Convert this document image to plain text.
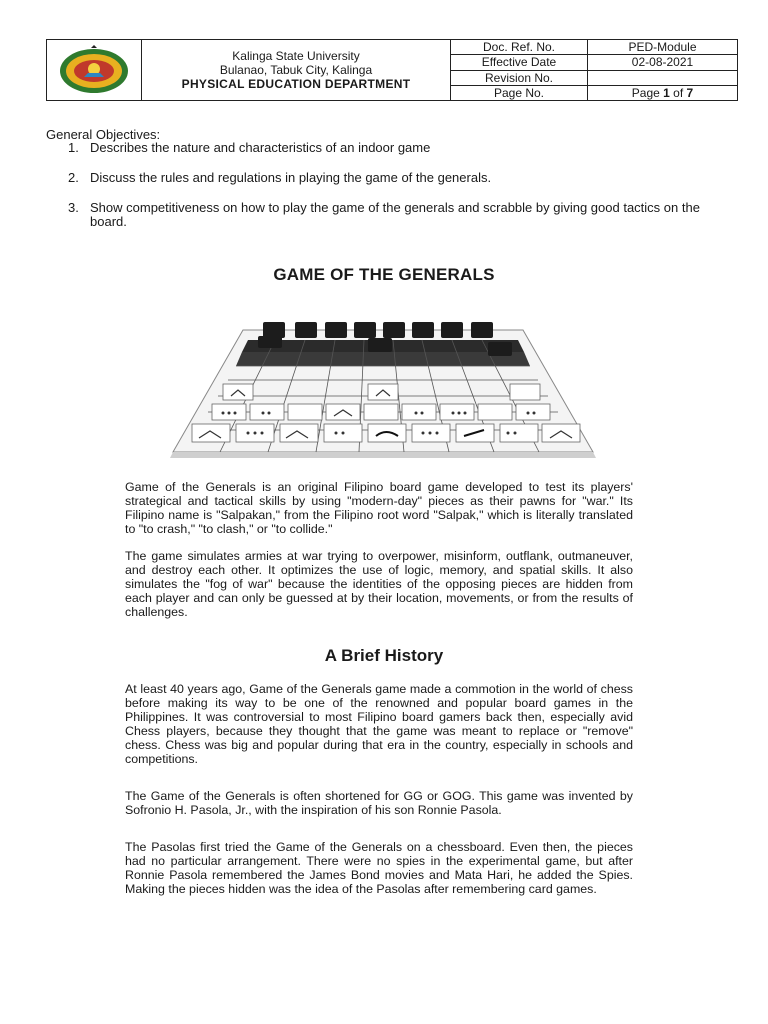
Kalinga State University
Bulanao, Tabuk City, Kalinga
PHYSICAL EDUCATION DEPARTMENT	Doc. Ref. No.	PED-Module
		Effective Date	02-08-2021
		Revision No.	
		Page No.	Page 1 of 7
General Objectives:
1. Describes the nature and characteristics of an indoor game
2. Discuss the rules and regulations in playing the game of the generals.
3. Show competitiveness on how to play the game of the generals and scrabble by giving good tactics on the board.
GAME OF THE GENERALS

Game of the Generals is an original Filipino board game developed to test its players' strategical and tactical skills by using "modern-day" pieces as their pawns for "war." Its Filipino name is "Salpakan," from the Filipino root word "Salpak," which is literally translated to "to crash," "to clash," or "to collide."

The game simulates armies at war trying to overpower, misinform, outflank, outmaneuver, and destroy each other. It optimizes the use of logic, memory, and spatial skills. It also simulates the "fog of war" because the identities of the opposing pieces are hidden from each player and can only be guessed at by their location, movements, or from the results of challenges.

A Brief History

At least 40 years ago, Game of the Generals game made a commotion in the world of chess before making its way to be one of the renowned and popular board games in the Philippines. It was controversial to most Filipino board gamers back then, especially avid Chess players, because they thought that the game was meant to replace or "remove" chess. Chess was big and popular during that era in the country, especially in schools and competitions.

The Game of the Generals is often shortened for GG or GOG. This game was invented by Sofronio H. Pasola, Jr., with the inspiration of his son Ronnie Pasola.

The Pasolas first tried the Game of the Generals on a chessboard. Even then, the pieces had no particular arrangement. There were no spies in the experimental game, but after Ronnie Pasola remembered the James Bond movies and Mata Hari, he added the Spies. Making the pieces hidden was the idea of the Pasolas after remembering card games.
